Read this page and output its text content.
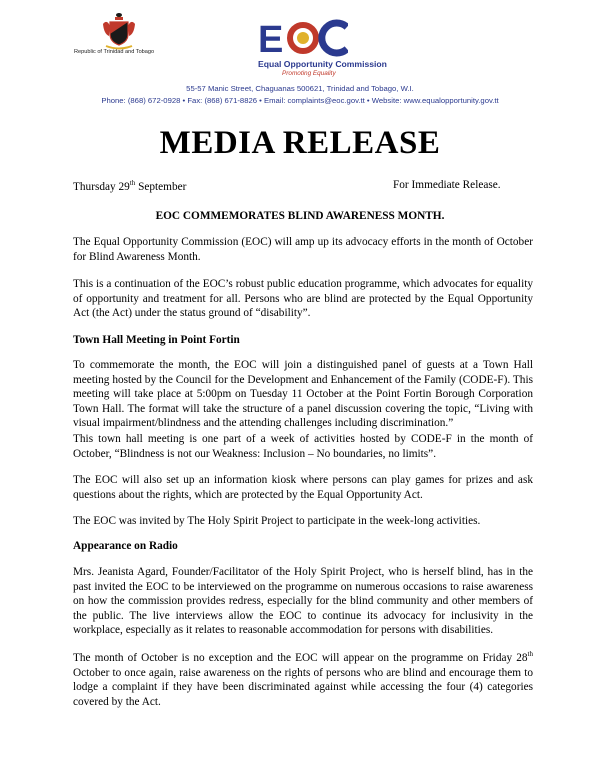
Republic of Trinidad and Tobago	E
Equal Opportunity Commission
Promoting Equality
55-57 Manic Street, Chaguanas 500621, Trinidad and Tobago, W.I.
Phone: (868) 672-0928 • Fax: (868) 671-8826 • Email: complaints@eoc.gov.tt • Website: www.equalopportunity.gov.tt
MEDIA RELEASE
Thursday 29th September	For Immediate Release.
EOC COMMEMORATES BLIND AWARENESS MONTH.
The Equal Opportunity Commission (EOC) will amp up its advocacy efforts in the month of October for Blind Awareness Month.
This is a continuation of the EOC’s robust public education programme, which advocates for equality of opportunity and treatment for all. Persons who are blind are protected by the Equal Opportunity Act (the Act) under the status ground of “disability”.
Town Hall Meeting in Point Fortin
To commemorate the month, the EOC will join a distinguished panel of guests at a Town Hall meeting hosted by the Council for the Development and Enhancement of the Family (CODE-F). This meeting will take place at 5:00pm on Tuesday 11 October at the Point Fortin Borough Corporation Town Hall. The format will take the structure of a panel discussion covering the topic, “Living with visual impairment/blindness and the attending challenges including discrimination.”
This town hall meeting is one part of a week of activities hosted by CODE-F in the month of October, “Blindness is not our Weakness: Inclusion – No boundaries, no limits”.
The EOC will also set up an information kiosk where persons can play games for prizes and ask questions about the rights, which are protected by the Equal Opportunity Act.
The EOC was invited by The Holy Spirit Project to participate in the week-long activities.
Appearance on Radio
Mrs. Jeanista Agard, Founder/Facilitator of the Holy Spirit Project, who is herself blind, has in the past invited the EOC to be interviewed on the programme on numerous occasions to raise awareness on how the commission provides redress, especially for the blind community and other members of the public. The live interviews allow the EOC to continue its advocacy for inclusivity in the workplace, especially as it relates to reasonable accommodation for persons with disabilities.
The month of October is no exception and the EOC will appear on the programme on Friday 28th October to once again, raise awareness on the rights of persons who are blind and encourage them to lodge a complaint if they have been discriminated against while accessing the four (4) categories covered by the Act.
